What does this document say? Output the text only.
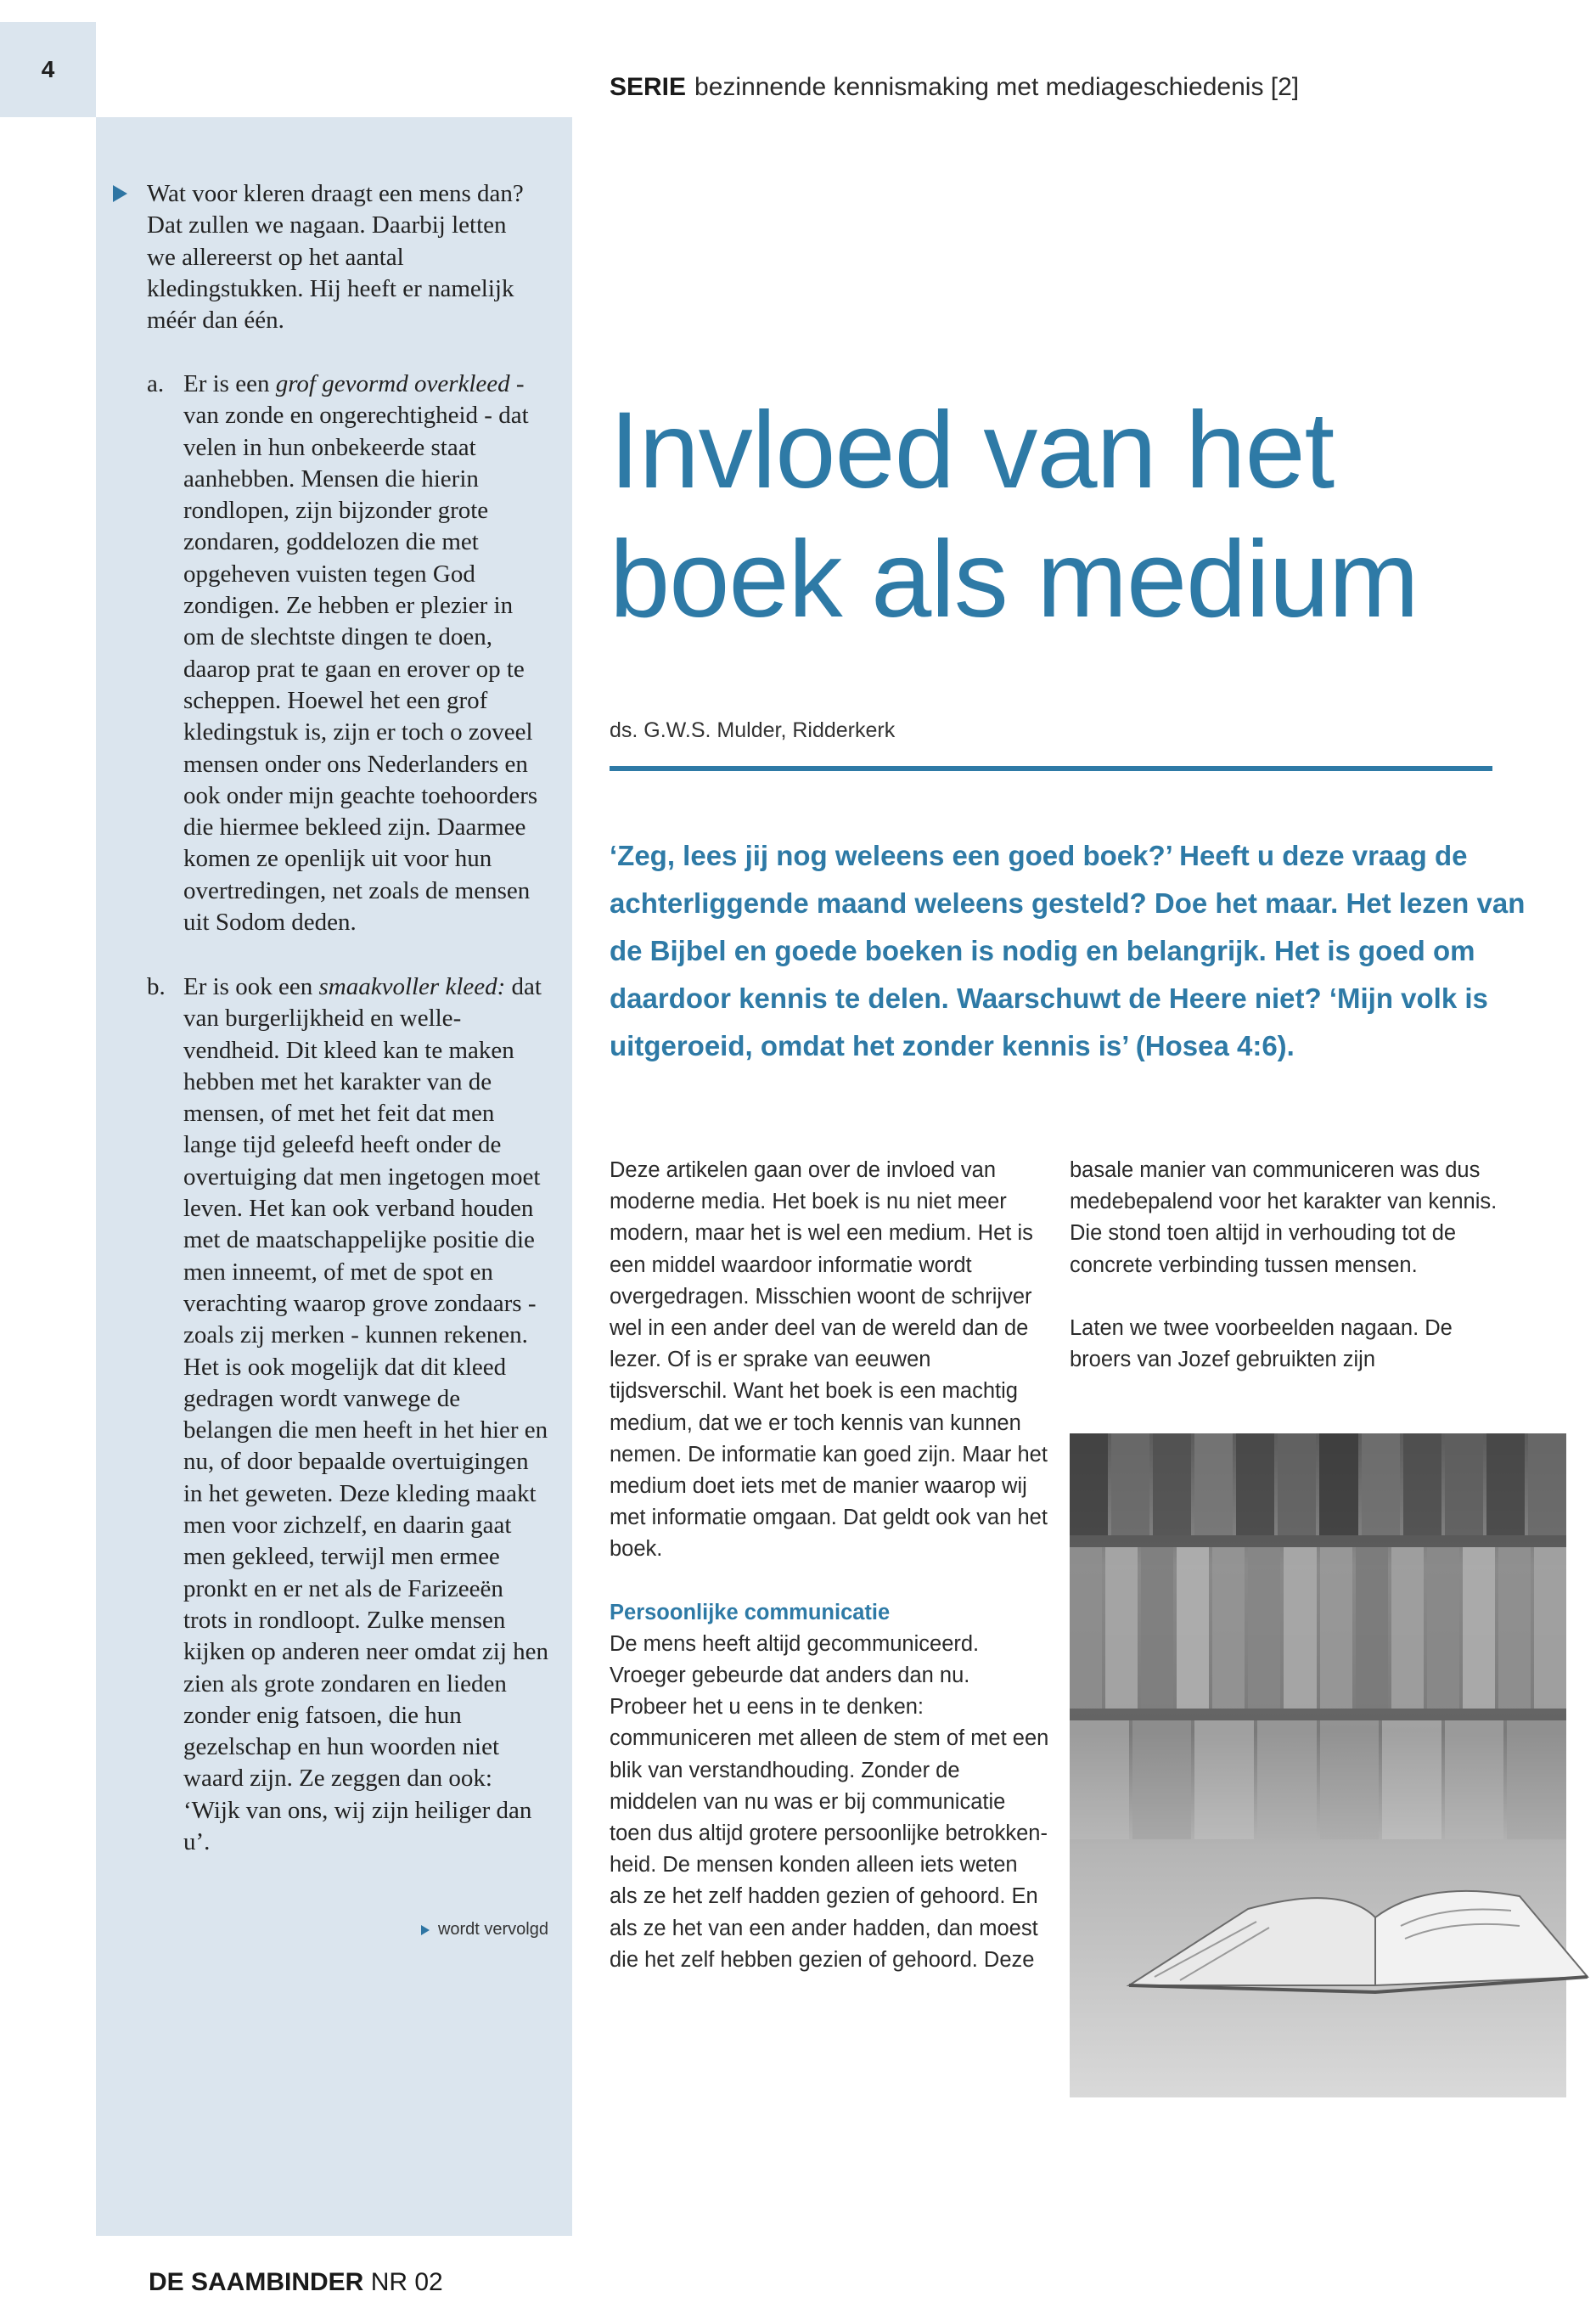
4
SERIE bezinnende kennismaking met mediageschiedenis [2]

Wat voor kleren draagt een mens dan? Dat zullen we nagaan. Daarbij letten we allereerst op het aantal kledingstukken. Hij heeft er namelijk méér dan één.

a. Er is een grof gevormd overkleed - van zonde en ongerechtigheid - dat velen in hun onbekeerde staat aanhebben. Mensen die hierin rondlopen, zijn bijzonder grote zondaren, goddelozen die met opgeheven vuisten tegen God zondigen. Ze hebben er plezier in om de slechtste dingen te doen, daarop prat te gaan en erover op te scheppen. Hoewel het een grof kledingstuk is, zijn er toch o zoveel mensen onder ons Nederlanders en ook onder mijn geachte toehoorders die hiermee bekleed zijn. Daarmee komen ze openlijk uit voor hun overtredingen, net zoals de mensen uit Sodom deden.

b. Er is ook een smaakvoller kleed: dat van burgerlijkheid en wellevendheid. Dit kleed kan te maken hebben met het karakter van de mensen, of met het feit dat men lange tijd geleefd heeft onder de overtuiging dat men ingetogen moet leven. Het kan ook verband houden met de maatschappelijke positie die men inneemt, of met de spot en verachting waarop grove zondaars - zoals zij merken - kunnen rekenen. Het is ook mogelijk dat dit kleed gedragen wordt vanwege de belangen die men heeft in het hier en nu, of door bepaalde overtuigingen in het geweten. Deze kleding maakt men voor zichzelf, en daarin gaat men gekleed, terwijl men ermee pronkt en er net als de Farizeeën trots in rondloopt. Zulke mensen kijken op anderen neer omdat zij hen zien als grote zondaren en lieden zonder enig fatsoen, die hun gezelschap en hun woorden niet waard zijn. Ze zeggen dan ook: ‘Wijk van ons, wij zijn heiliger dan u’.

wordt vervolgd
DE SAAMBINDER NR 02
Invloed van het
boek als medium
ds. G.W.S. Mulder, Ridderkerk

‘Zeg, lees jij nog weleens een goed boek?’ Heeft u deze vraag de achterliggende maand weleens gesteld? Doe het maar. Het lezen van de Bijbel en goede boeken is nodig en belangrijk. Het is goed om daardoor kennis te delen. Waarschuwt de Heere niet? ‘Mijn volk is uitgeroeid, omdat het zonder kennis is’ (Hosea 4:6).

Deze artikelen gaan over de invloed van moderne media. Het boek is nu niet meer modern, maar het is wel een medium. Het is een middel waardoor informatie wordt overgedragen. Misschien woont de schrijver wel in een ander deel van de wereld dan de lezer. Of is er sprake van eeuwen tijdsverschil. Want het boek is een machtig medium, dat we er toch kennis van kunnen nemen. De informatie kan goed zijn. Maar het medium doet iets met de manier waarop wij met informatie omgaan. Dat geldt ook van het boek.

Persoonlijke communicatie

De mens heeft altijd gecommuniceerd. Vroeger gebeurde dat anders dan nu. Probeer het u eens in te denken: communiceren met alleen de stem of met een blik van verstandhouding. Zonder de middelen van nu was er bij communicatie toen dus altijd grotere persoonlijke betrokkenheid. De mensen konden alleen iets weten als ze het zelf hadden gezien of gehoord. En als ze het van een ander hadden, dan moest die het zelf hebben gezien of gehoord. Deze

basale manier van communiceren was dus medebepalend voor het karakter van kennis. Die stond toen altijd in verhouding tot de concrete verbinding tussen mensen.

Laten we twee voorbeelden nagaan. De broers van Jozef gebruikten zijn
